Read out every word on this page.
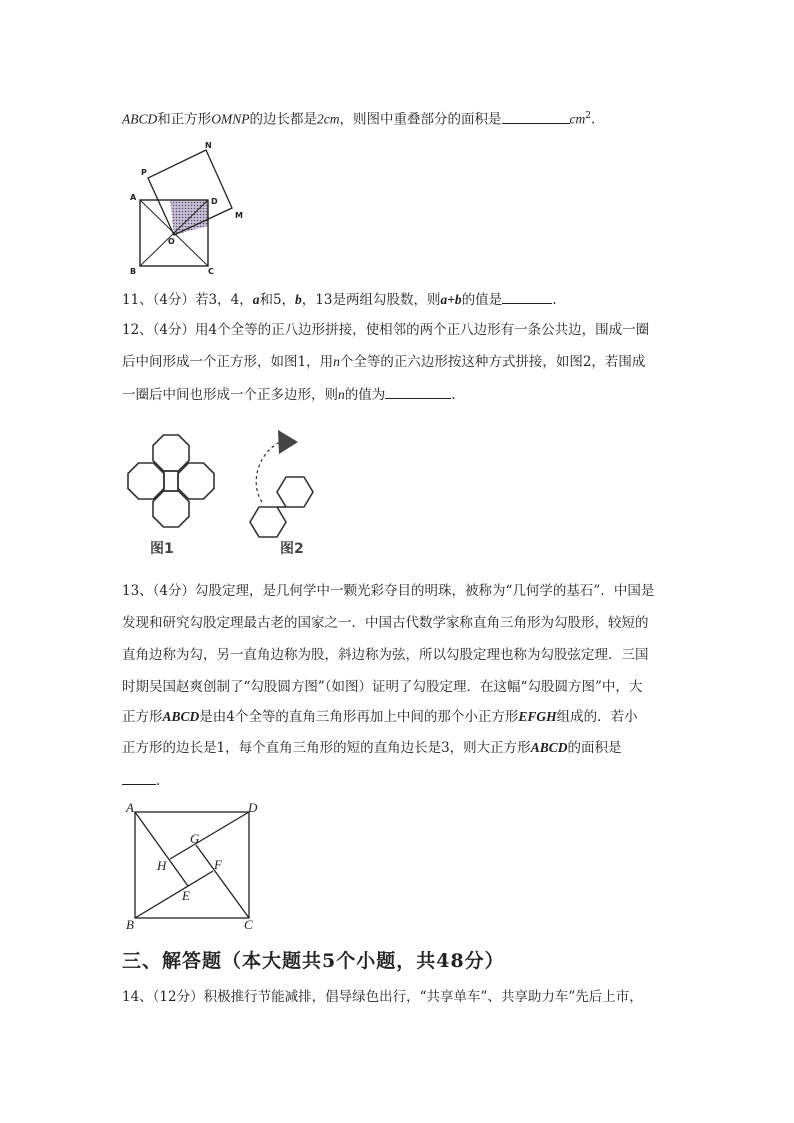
ABCD和正方形OMNP的边长都是2cm，则图中重叠部分的面积是	$cm^2$.
P
N
A	D
M
O
B	C
11、（4分）若3，4，a和5，b，13是两组勾股数，则a+b的值是	.
12、（4分）用4个全等的正八边形拼接，使相邻的两个正八边形有一条公共边，围成一圈
后中间形成一个正方形，如图1，用n个全等的正六边形按这种方式拼接，如图2，若围成
一圈后中间也形成一个正多边形，则n的值为	.
图1	图2
13、（4分）勾股定理，是几何学中一颗光彩夺目的明珠，被称为“几何学的基石”．中国是
发现和研究勾股定理最古老的国家之一．中国古代数学家称直角三角形为勾股形，较短的
直角边称为勾，另一直角边称为股，斜边称为弦，所以勾股定理也称为勾股弦定理．三国
时期吴国赵爽创制了“勾股圆方图”（如图）证明了勾股定理．在这幅“勾股圆方图”中，大
正方形ABCD是由4个全等的直角三角形再加上中间的那个小正方形EFGH组成的．若小
正方形的边长是1，每个直角三角形的短的直角边长是3，则大正方形ABCD的面积是
.
A	D
G
H	F
E
B	C
三、解答题（本大题共5个小题，共48分）
14、（12分）积极推行节能减排，倡导绿色出行，“共享单车”、共享助力车”先后上市，
